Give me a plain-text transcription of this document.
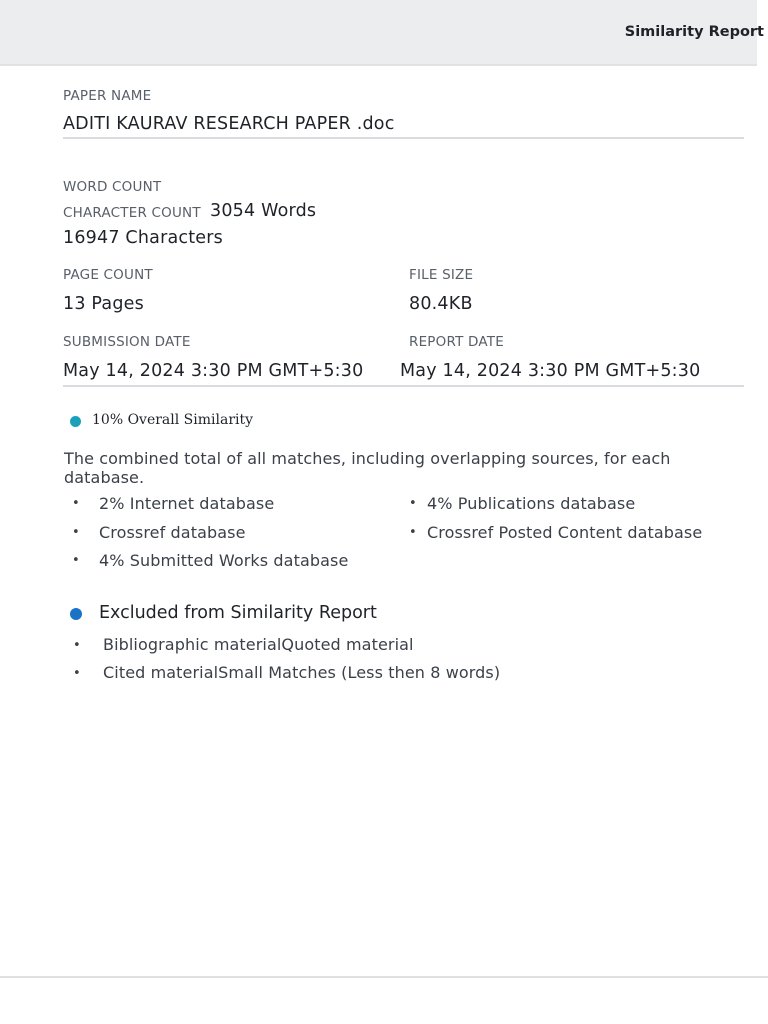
Similarity Report
PAPER NAME
ADITI KAURAV RESEARCH PAPER .doc
WORD COUNT
CHARACTER COUNT 3054 Words
16947 Characters
PAGE COUNT
13 Pages
FILE SIZE
80.4KB
SUBMISSION DATE
May 14, 2024 3:30 PM GMT+5:30
REPORT DATE
May 14, 2024 3:30 PM GMT+5:30
10% Overall Similarity
The combined total of all matches, including overlapping sources, for each database.
• 2% Internet database
• Crossref database
• 4% Submitted Works database
• 4% Publications database
• Crossref Posted Content database
Excluded from Similarity Report
• Bibliographic materialQuoted material
• Cited materialSmall Matches (Less then 8 words)
